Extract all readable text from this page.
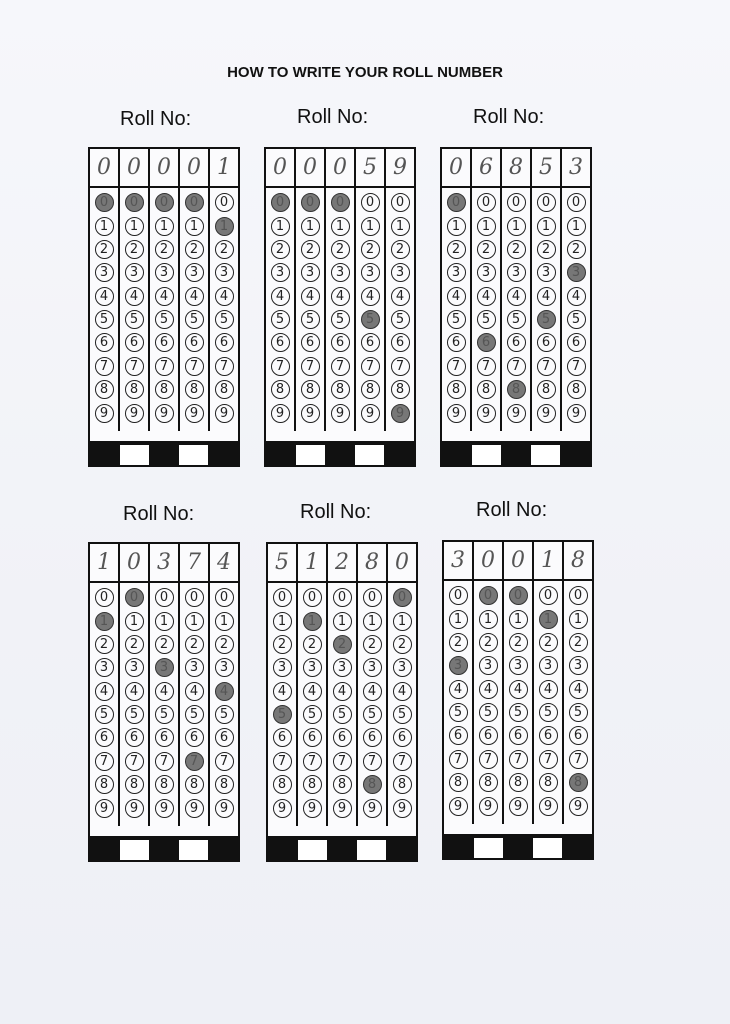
HOW TO WRITE YOUR ROLL NUMBER
Roll No:
0 0 0 0 1
0
1
2
3
4
5
6
7
8
9
0
1
2
3
4
5
6
7
8
9
0
1
2
3
4
5
6
7
8
9
0
1
2
3
4
5
6
7
8
9
0
1
2
3
4
5
6
7
8
9
Roll No:
0 0 0 5 9
0
1
2
3
4
5
6
7
8
9
0
1
2
3
4
5
6
7
8
9
0
1
2
3
4
5
6
7
8
9
0
1
2
3
4
5
6
7
8
9
0
1
2
3
4
5
6
7
8
9
Roll No:
0 6 8 5 3
0
1
2
3
4
5
6
7
8
9
0
1
2
3
4
5
6
7
8
9
0
1
2
3
4
5
6
7
8
9
0
1
2
3
4
5
6
7
8
9
0
1
2
3
4
5
6
7
8
9
Roll No:
1 0 3 7 4
0
1
2
3
4
5
6
7
8
9
0
1
2
3
4
5
6
7
8
9
0
1
2
3
4
5
6
7
8
9
0
1
2
3
4
5
6
7
8
9
0
1
2
3
4
5
6
7
8
9
Roll No:
5 1 2 8 0
0
1
2
3
4
5
6
7
8
9
0
1
2
3
4
5
6
7
8
9
0
1
2
3
4
5
6
7
8
9
0
1
2
3
4
5
6
7
8
9
0
1
2
3
4
5
6
7
8
9
Roll No:
3 0 0 1 8
0
1
2
3
4
5
6
7
8
9
0
1
2
3
4
5
6
7
8
9
0
1
2
3
4
5
6
7
8
9
0
1
2
3
4
5
6
7
8
9
0
1
2
3
4
5
6
7
8
9
